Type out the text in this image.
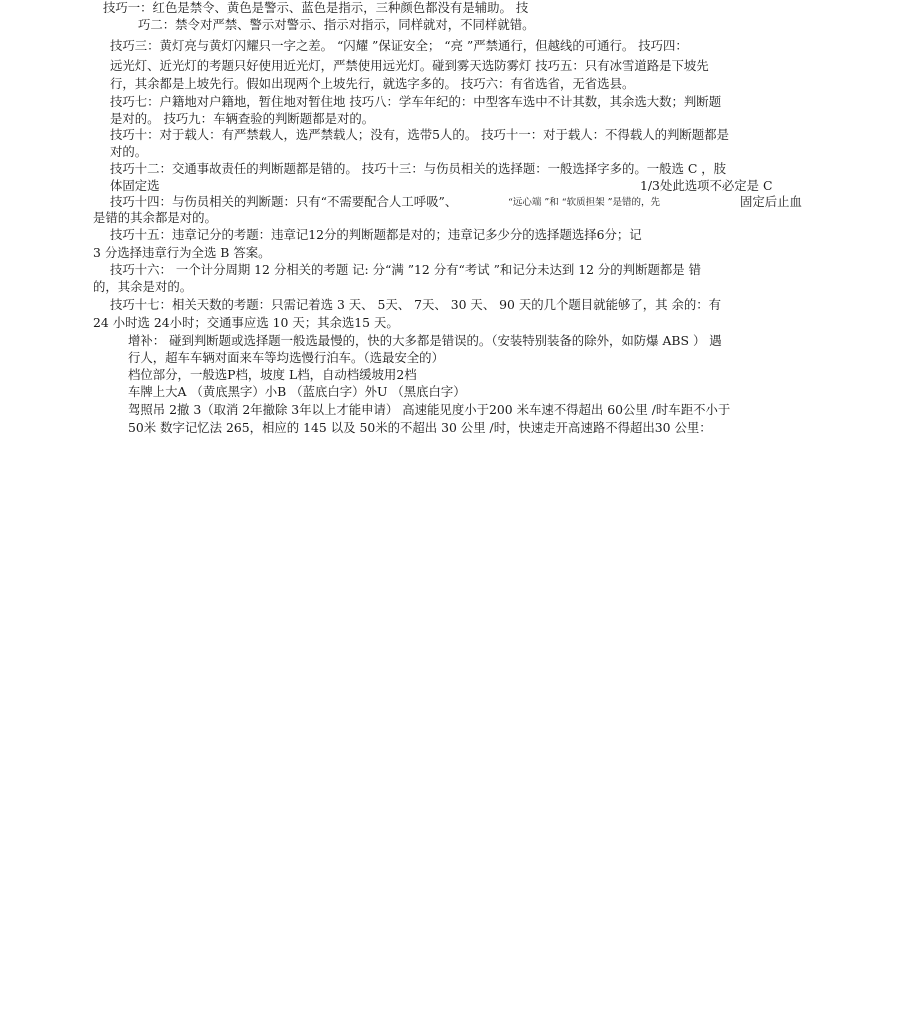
技巧一：红色是禁令、黄色是警示、蓝色是指示，三种颜色都没有是辅助。 技
巧二：禁令对严禁、警示对警示、指示对指示，同样就对，不同样就错。
技巧三：黄灯亮与黄灯闪耀只一字之差。 “闪耀 ”保证安全； “亮 ”严禁通行，但越线的可通行。 技巧四：
远光灯、近光灯的考题只好使用近光灯，严禁使用远光灯。碰到雾天选防雾灯 技巧五：只有冰雪道路是下坡先
行，其余都是上坡先行。假如出现两个上坡先行，就选字多的。 技巧六：有省选省，无省选县。
技巧七：户籍地对户籍地，暂住地对暂住地 技巧八：学车年纪的：中型客车选中不计其数，其余选大数；判断题
是对的。 技巧九：车辆查验的判断题都是对的。
技巧十：对于载人：有严禁载人，选严禁载人；没有，选带5人的。 技巧十一：对于载人：不得载人的判断题都是
对的。
技巧十二：交通事故责任的判断题都是错的。 技巧十三：与伤员相关的选择题：一般选择字多的。一般选 C ，肢
体固定选	1/3处此选项不必定是 C
技巧十四：与伤员相关的判断题：只有“不需要配合人工呼吸”、	“远心端 ”和 “软质担架 ”是错的，先	固定后止血
是错的其余都是对的。
技巧十五：违章记分的考题：违章记12分的判断题都是对的；违章记多少分的选择题选择6分；记
3 分选择违章行为全选 B 答案。
技巧十六： 一个计分周期 12 分相关的考题 记: 分“满 ”12 分有“考试 ”和记分未达到 12 分的判断题都是 错
的，其余是对的。
技巧十七：相关天数的考题：只需记着选 3 天、 5天、 7天、 30 天、 90 天的几个题目就能够了，其 余的：有
24 小时选 24小时；交通事应选 10 天；其余选15 天。
增补： 碰到判断题或选择题一般选最慢的，快的大多都是错误的。（安装特别装备的除外，如防爆 ABS ） 遇
行人，超车车辆对面来车等均选慢行泊车。（选最安全的）
档位部分，一般选P档，坡度 L档，自动档缓坡用2档
车牌上大A （黄底黑字）小B （蓝底白字）外U （黑底白字）
驾照吊 2撤 3（取消 2年撤除 3年以上才能申请） 高速能见度小于200 米车速不得超出 60公里 /时车距不小于
50米 数字记忆法 265，相应的 145 以及 50米的不超出 30 公里 /时，快速走开高速路不得超出30 公里：
